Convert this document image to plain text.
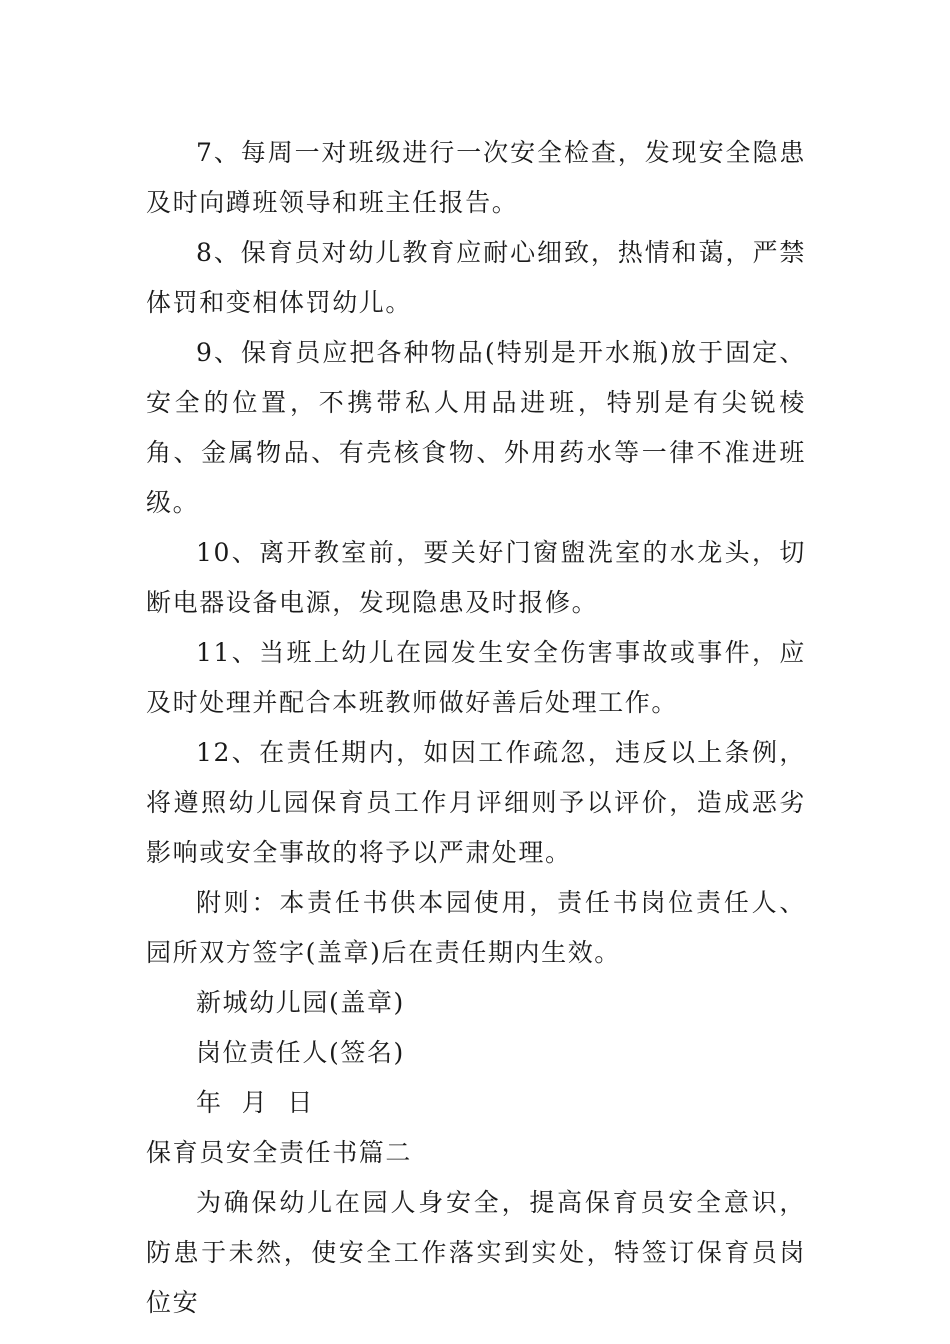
7、每周一对班级进行一次安全检查，发现安全隐患及时向蹲班领导和班主任报告。

8、保育员对幼儿教育应耐心细致，热情和蔼，严禁体罚和变相体罚幼儿。

9、保育员应把各种物品(特别是开水瓶)放于固定、安全的位置，不携带私人用品进班，特别是有尖锐棱角、金属物品、有壳核食物、外用药水等一律不准进班级。

10、离开教室前，要关好门窗盥洗室的水龙头，切断电器设备电源，发现隐患及时报修。

11、当班上幼儿在园发生安全伤害事故或事件，应及时处理并配合本班教师做好善后处理工作。

12、在责任期内，如因工作疏忽，违反以上条例，将遵照幼儿园保育员工作月评细则予以评价，造成恶劣影响或安全事故的将予以严肃处理。

附则：本责任书供本园使用，责任书岗位责任人、园所双方签字(盖章)后在责任期内生效。

新城幼儿园(盖章)

岗位责任人(签名)

年  月  日

保育员安全责任书篇二

为确保幼儿在园人身安全，提高保育员安全意识，防患于未然，使安全工作落实到实处，特签订保育员岗位安
